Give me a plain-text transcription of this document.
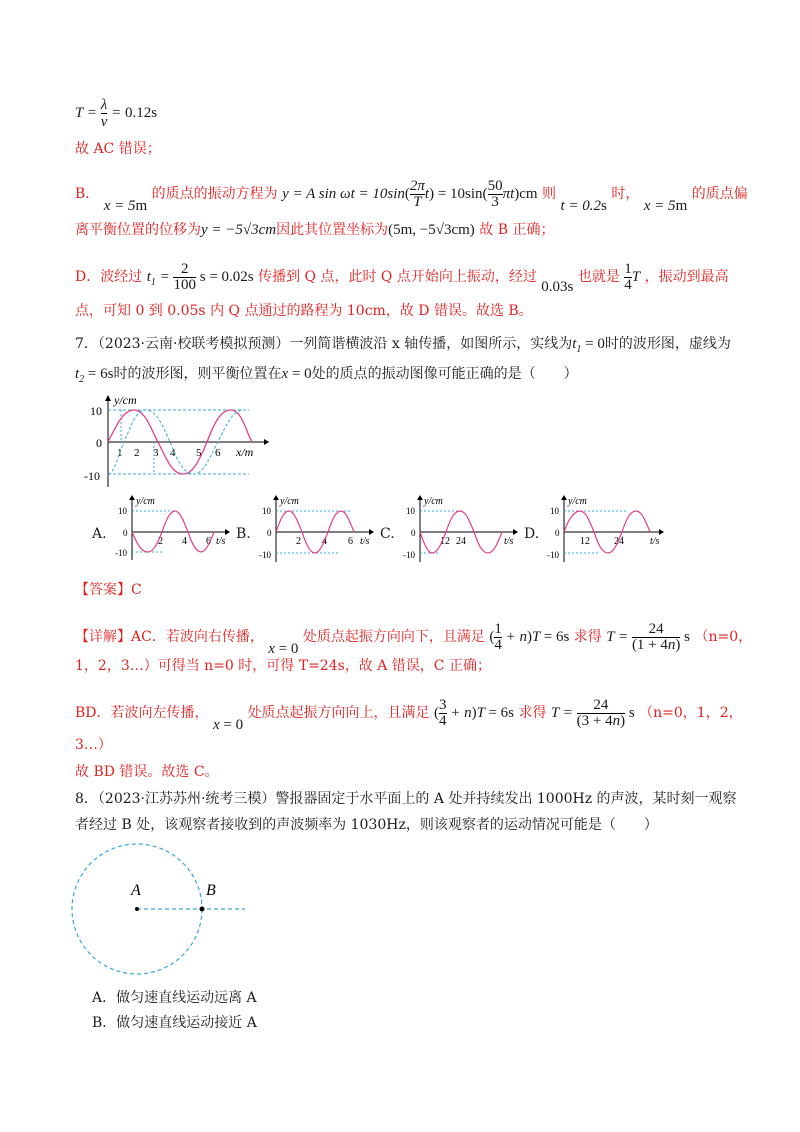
$T = \frac{\lambda}{v} = 0.12s$
故 AC 错误；
B． x = 5m 的质点的振动方程为 y = A $\sin \omega t = 10\sin( \frac{2\pi}{T} t) = 10\sin( \frac{50}{3} \pi t)cm$ 则 t = 0.2s 时， x = 5m 的质点偏
离平衡位置的位移为y = −5√3cm因此其位置坐标为(5m, −5√3cm) 故 B 正确；
D．波经过 $t_1 = \frac{2}{100}$ s = 0.02s 传播到 Q 点，此时 Q 点开始向上振动，经过 0.03s 也就是 $\frac{1}{4}$ T ，振动到最高
点，可知 0 到 0.05s 内 Q 点通过的路程为 10cm，故 D 错误。故选 B。
7．（2023·云南·校联考模拟预测）一列简谐横波沿 x 轴传播，如图所示，实线为$t_1 = 0$时的波形图，虚线为
$t_2 = 6s$时的波形图，则平衡位置在x = 0处的质点的振动图像可能正确的是（　　）
y/cm
x/m
10
0
-10
1 2 3 4 5 6
A.
y/cm
t/s
10
0
-10
2 4 6 B.
y/cm
t/s
10
0
-10
2 4 6 C.
y/cm
t/s
10
0
-10
12 24	D.
y/cm
t/s
10
0
-10
12 24
【答案】C
【详解】AC．若波向右传播， x = 0 处质点起振方向向下，且满足 ( $\frac{1}{4} + n)T = 6s$ 求得 $T = \frac{24}{(1 + 4n)}$ s （n=0，
1，2，3…）可得当 n=0 时，可得 T=24s，故 A 错误，C 正确；
BD．若波向左传播， x = 0 处质点起振方向向上，且满足 ( $\frac{3}{4} + n)T = 6s$ 求得 $T = \frac{24}{(3 + 4n)}$ s （n=0，1，2，
3…）
故 BD 错误。故选 C。
8．（2023·江苏苏州·统考三模）警报器固定于水平面上的 A 处并持续发出 1000Hz 的声波，某时刻一观察
者经过 B 处，该观察者接收到的声波频率为 1030Hz，则该观察者的运动情况可能是（　　）
A	B
A．做匀速直线运动远离 A
B．做匀速直线运动接近 A
